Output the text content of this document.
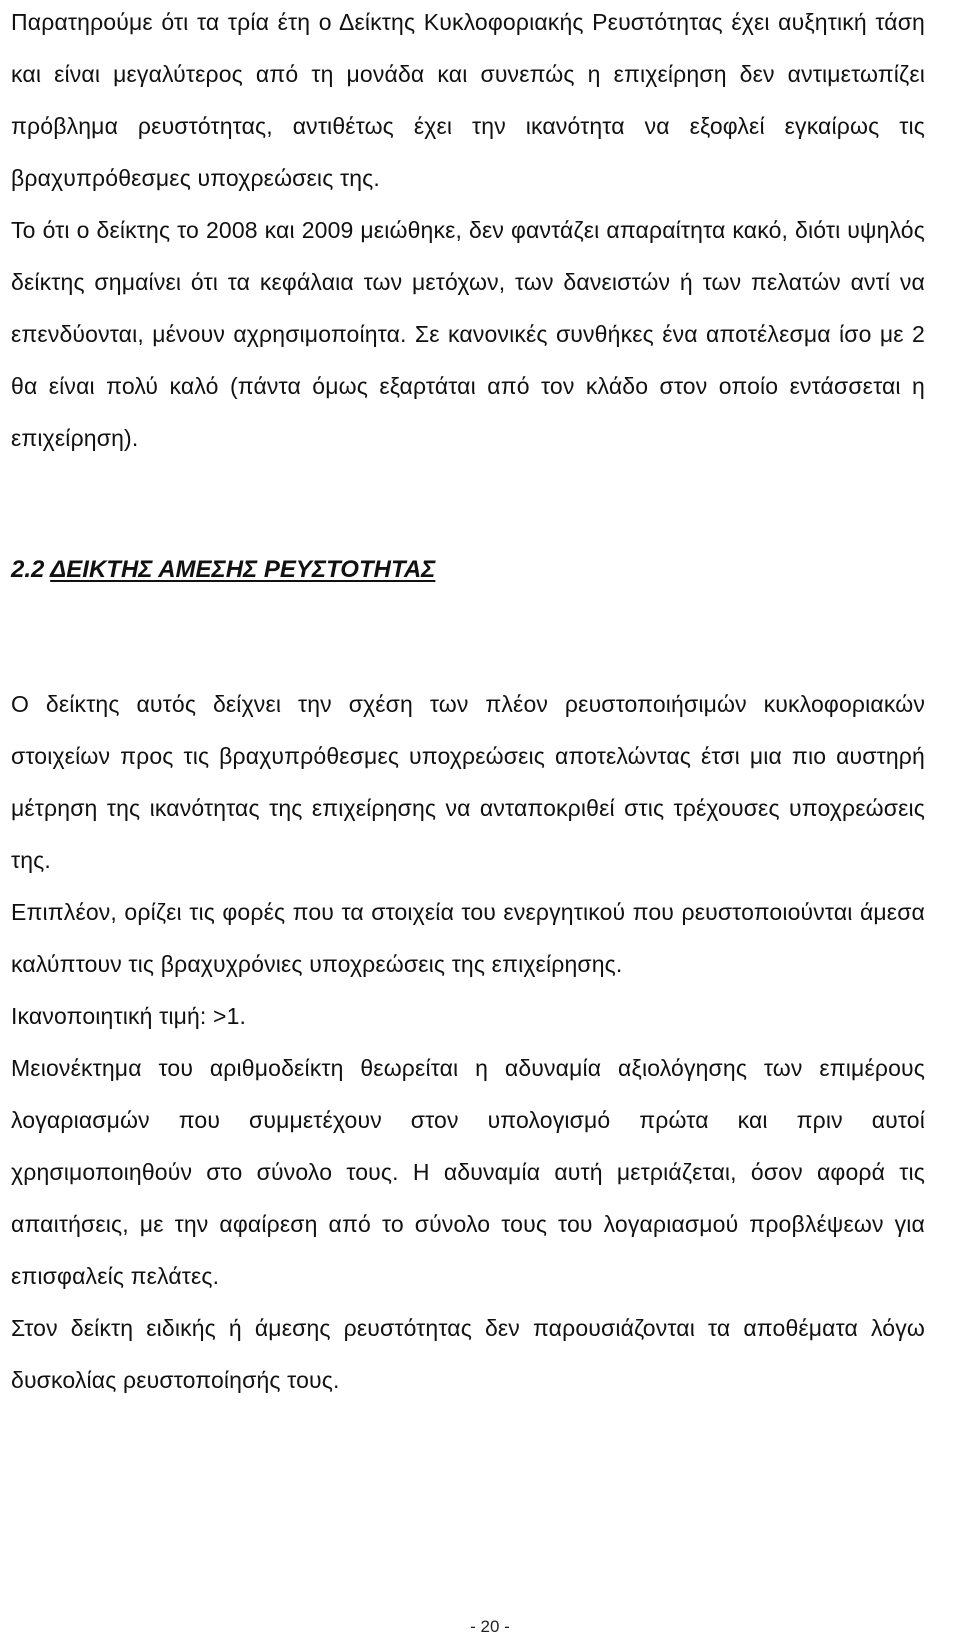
Παρατηρούμε ότι τα τρία έτη ο Δείκτης Κυκλοφοριακής Ρευστότητας έχει αυξητική τάση και είναι μεγαλύτερος από τη μονάδα και συνεπώς η επιχείρηση δεν αντιμετωπίζει πρόβλημα ρευστότητας, αντιθέτως έχει την ικανότητα να εξοφλεί εγκαίρως τις βραχυπρόθεσμες υποχρεώσεις της.

Το ότι ο δείκτης το 2008 και 2009 μειώθηκε, δεν φαντάζει απαραίτητα κακό, διότι υψηλός δείκτης σημαίνει ότι τα κεφάλαια των μετόχων, των δανειστών ή των πελατών αντί να επενδύονται, μένουν αχρησιμοποίητα. Σε κανονικές συνθήκες ένα αποτέλεσμα ίσο με 2 θα είναι πολύ καλό (πάντα όμως εξαρτάται από τον κλάδο στον οποίο εντάσσεται η επιχείρηση).

2.2 ΔΕΙΚΤΗΣ ΑΜΕΣΗΣ ΡΕΥΣΤΟΤΗΤΑΣ

Ο δείκτης αυτός δείχνει την σχέση των πλέον ρευστοποιήσιμών κυκλοφοριακών στοιχείων προς τις βραχυπρόθεσμες υποχρεώσεις αποτελώντας έτσι μια πιο αυστηρή μέτρηση της ικανότητας της επιχείρησης να ανταποκριθεί στις τρέχουσες υποχρεώσεις της.

Επιπλέον, ορίζει τις φορές που τα στοιχεία του ενεργητικού που ρευστοποιούνται άμεσα καλύπτουν τις βραχυχρόνιες υποχρεώσεις της επιχείρησης.

Ικανοποιητική τιμή: >1.

Μειονέκτημα του αριθμοδείκτη θεωρείται η αδυναμία αξιολόγησης των επιμέρους λογαριασμών που συμμετέχουν στον υπολογισμό πρώτα και πριν αυτοί χρησιμοποιηθούν στο σύνολο τους. Η αδυναμία αυτή μετριάζεται, όσον αφορά τις απαιτήσεις, με την αφαίρεση από το σύνολο τους του λογαριασμού προβλέψεων για επισφαλείς πελάτες.

Στον δείκτη ειδικής ή άμεσης ρευστότητας δεν παρουσιάζονται τα αποθέματα λόγω δυσκολίας ρευστοποίησής τους.

- 20 -
